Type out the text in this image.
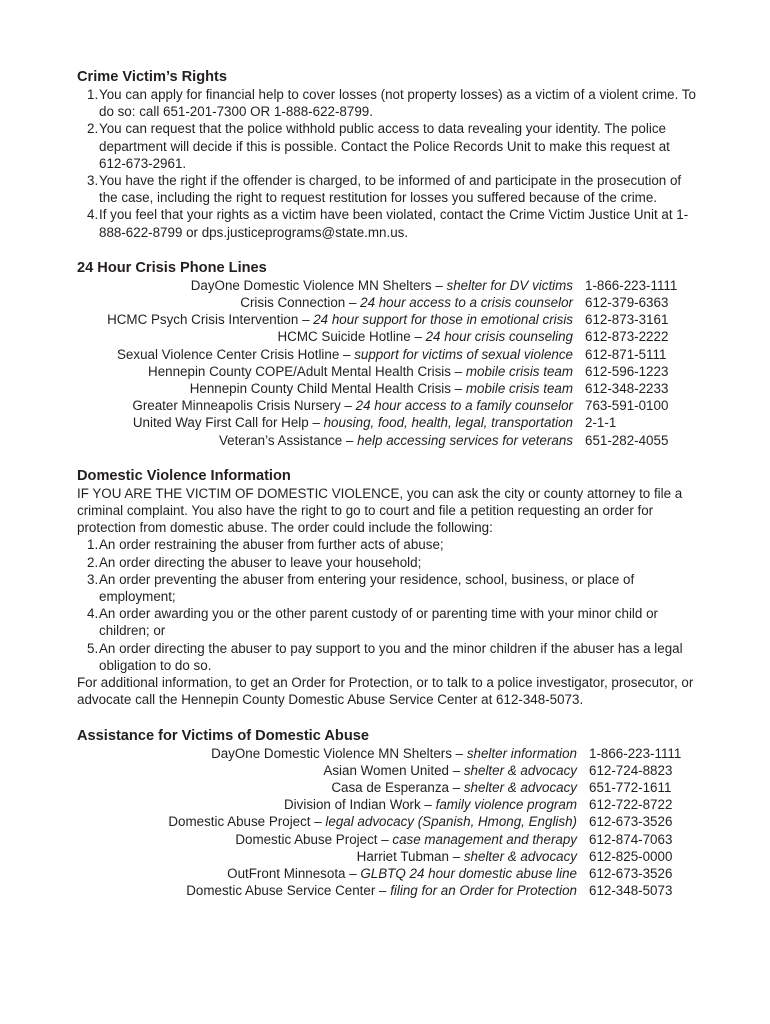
Crime Victim’s Rights
1. You can apply for financial help to cover losses (not property losses) as a victim of a violent crime. To do so: call 651-201-7300 OR 1-888-622-8799.
2. You can request that the police withhold public access to data revealing your identity. The police department will decide if this is possible. Contact the Police Records Unit to make this request at 612-673-2961.
3. You have the right if the offender is charged, to be informed of and participate in the prosecution of the case, including the right to request restitution for losses you suffered because of the crime.
4. If you feel that your rights as a victim have been violated, contact the Crime Victim Justice Unit at 1-888-622-8799 or dps.justiceprograms@state.mn.us.
24 Hour Crisis Phone Lines
DayOne Domestic Violence MN Shelters – shelter for DV victims 1-866-223-1111
Crisis Connection – 24 hour access to a crisis counselor 612-379-6363
HCMC Psych Crisis Intervention – 24 hour support for those in emotional crisis 612-873-3161
HCMC Suicide Hotline – 24 hour crisis counseling 612-873-2222
Sexual Violence Center Crisis Hotline – support for victims of sexual violence 612-871-5111
Hennepin County COPE/Adult Mental Health Crisis – mobile crisis team 612-596-1223
Hennepin County Child Mental Health Crisis – mobile crisis team 612-348-2233
Greater Minneapolis Crisis Nursery – 24 hour access to a family counselor 763-591-0100
United Way First Call for Help – housing, food, health, legal, transportation 2-1-1
Veteran’s Assistance – help accessing services for veterans 651-282-4055
Domestic Violence Information

IF YOU ARE THE VICTIM OF DOMESTIC VIOLENCE, you can ask the city or county attorney to file a criminal complaint. You also have the right to go to court and file a petition requesting an order for protection from domestic abuse. The order could include the following:

1. An order restraining the abuser from further acts of abuse;
2. An order directing the abuser to leave your household;
3. An order preventing the abuser from entering your residence, school, business, or place of employment;
4. An order awarding you or the other parent custody of or parenting time with your minor child or children; or
5. An order directing the abuser to pay support to you and the minor children if the abuser has a legal obligation to do so.

For additional information, to get an Order for Protection, or to talk to a police investigator, prosecutor, or advocate call the Hennepin County Domestic Abuse Service Center at 612-348-5073.

Assistance for Victims of Domestic Abuse
DayOne Domestic Violence MN Shelters – shelter information 1-866-223-1111
Asian Women United – shelter & advocacy 612-724-8823
Casa de Esperanza – shelter & advocacy 651-772-1611
Division of Indian Work – family violence program 612-722-8722
Domestic Abuse Project – legal advocacy (Spanish, Hmong, English) 612-673-3526
Domestic Abuse Project – case management and therapy 612-874-7063
Harriet Tubman – shelter & advocacy 612-825-0000
OutFront Minnesota – GLBTQ 24 hour domestic abuse line 612-673-3526
Domestic Abuse Service Center – filing for an Order for Protection 612-348-5073
